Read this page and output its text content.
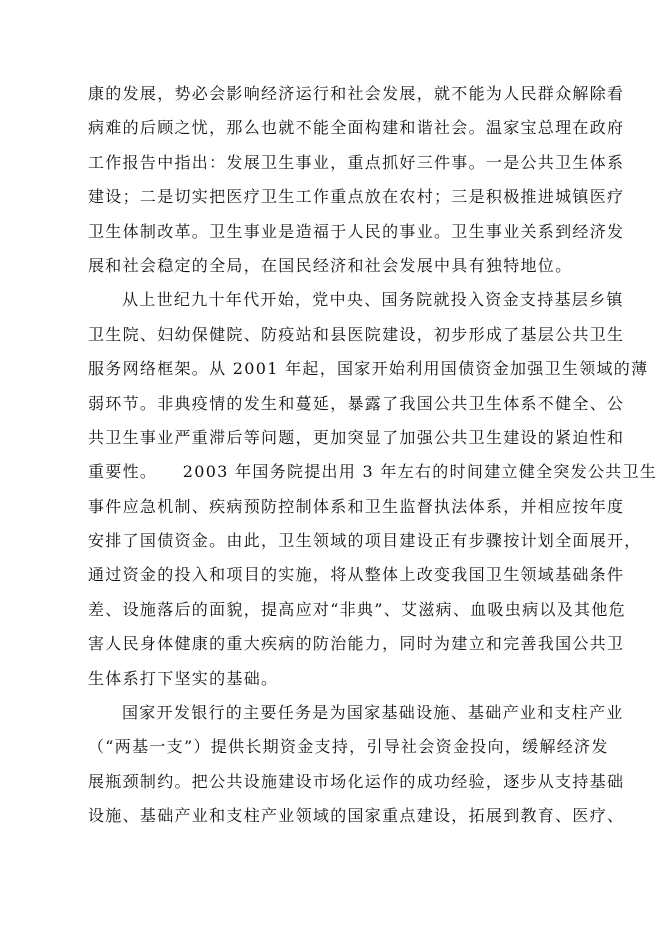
康的发展，势必会影响经济运行和社会发展，就不能为人民群众解除看
病难的后顾之忧，那么也就不能全面构建和谐社会。温家宝总理在政府
工作报告中指出：发展卫生事业，重点抓好三件事。一是公共卫生体系
建设；二是切实把医疗卫生工作重点放在农村；三是积极推进城镇医疗
卫生体制改革。卫生事业是造福于人民的事业。卫生事业关系到经济发
展和社会稳定的全局，在国民经济和社会发展中具有独特地位。
从上世纪九十年代开始，党中央、国务院就投入资金支持基层乡镇
卫生院、妇幼保健院、防疫站和县医院建设，初步形成了基层公共卫生
服务网络框架。从 2001 年起，国家开始利用国债资金加强卫生领域的薄
弱环节。非典疫情的发生和蔓延，暴露了我国公共卫生体系不健全、公
共卫生事业严重滞后等问题，更加突显了加强公共卫生建设的紧迫性和
重要性。    2003 年国务院提出用 3 年左右的时间建立健全突发公共卫生
事件应急机制、疾病预防控制体系和卫生监督执法体系，并相应按年度
安排了国债资金。由此，卫生领域的项目建设正有步骤按计划全面展开，
通过资金的投入和项目的实施，将从整体上改变我国卫生领域基础条件
差、设施落后的面貌，提高应对“非典”、艾滋病、血吸虫病以及其他危
害人民身体健康的重大疾病的防治能力，同时为建立和完善我国公共卫
生体系打下坚实的基础。
国家开发银行的主要任务是为国家基础设施、基础产业和支柱产业
（“两基一支”）提供长期资金支持，引导社会资金投向，缓解经济发
展瓶颈制约。把公共设施建设市场化运作的成功经验，逐步从支持基础
设施、基础产业和支柱产业领域的国家重点建设，拓展到教育、医疗、
